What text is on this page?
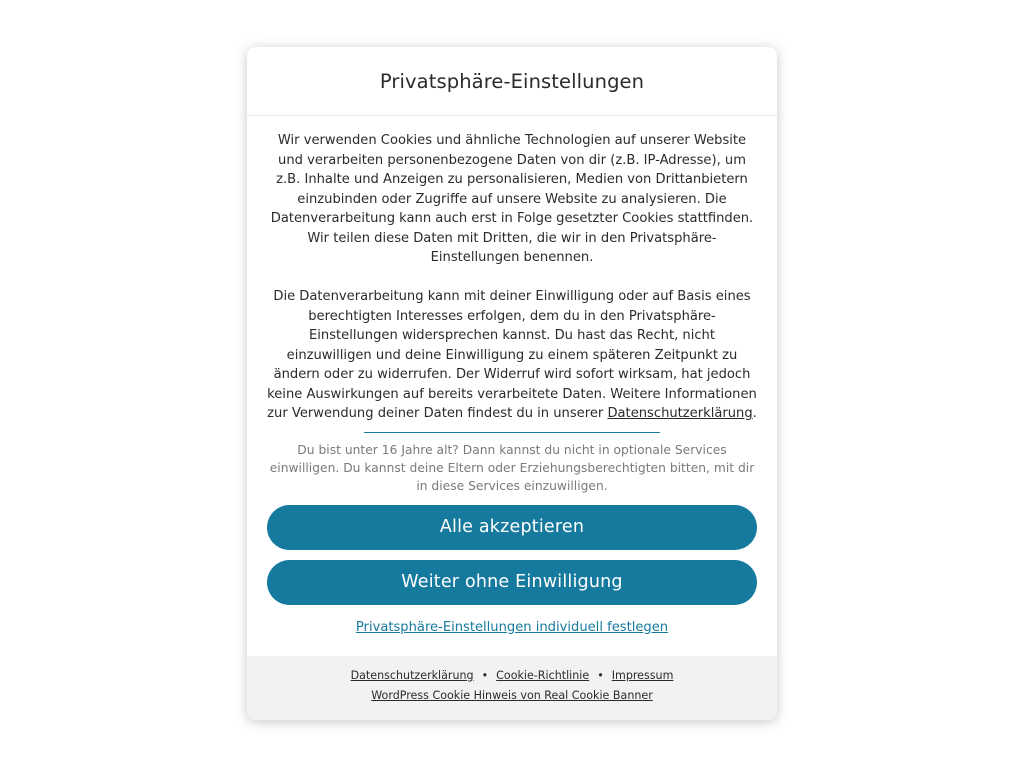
Privatsphäre-Einstellungen

Wir verwenden Cookies und ähnliche Technologien auf unserer Website und verarbeiten personenbezogene Daten von dir (z.B. IP-Adresse), um z.B. Inhalte und Anzeigen zu personalisieren, Medien von Drittanbietern einzubinden oder Zugriffe auf unsere Website zu analysieren. Die Datenverarbeitung kann auch erst in Folge gesetzter Cookies stattfinden. Wir teilen diese Daten mit Dritten, die wir in den Privatsphäre-Einstellungen benennen.

Die Datenverarbeitung kann mit deiner Einwilligung oder auf Basis eines berechtigten Interesses erfolgen, dem du in den Privatsphäre-Einstellungen widersprechen kannst. Du hast das Recht, nicht einzuwilligen und deine Einwilligung zu einem späteren Zeitpunkt zu ändern oder zu widerrufen. Der Widerruf wird sofort wirksam, hat jedoch keine Auswirkungen auf bereits verarbeitete Daten. Weitere Informationen zur Verwendung deiner Daten findest du in unserer Datenschutzerklärung.

Du bist unter 16 Jahre alt? Dann kannst du nicht in optionale Services einwilligen. Du kannst deine Eltern oder Erziehungsberechtigten bitten, mit dir in diese Services einzuwilligen.

Alle akzeptieren
Weiter ohne Einwilligung
Privatsphäre-Einstellungen individuell festlegen
Datenschutzerklärung • Cookie-Richtlinie • Impressum
WordPress Cookie Hinweis von Real Cookie Banner
